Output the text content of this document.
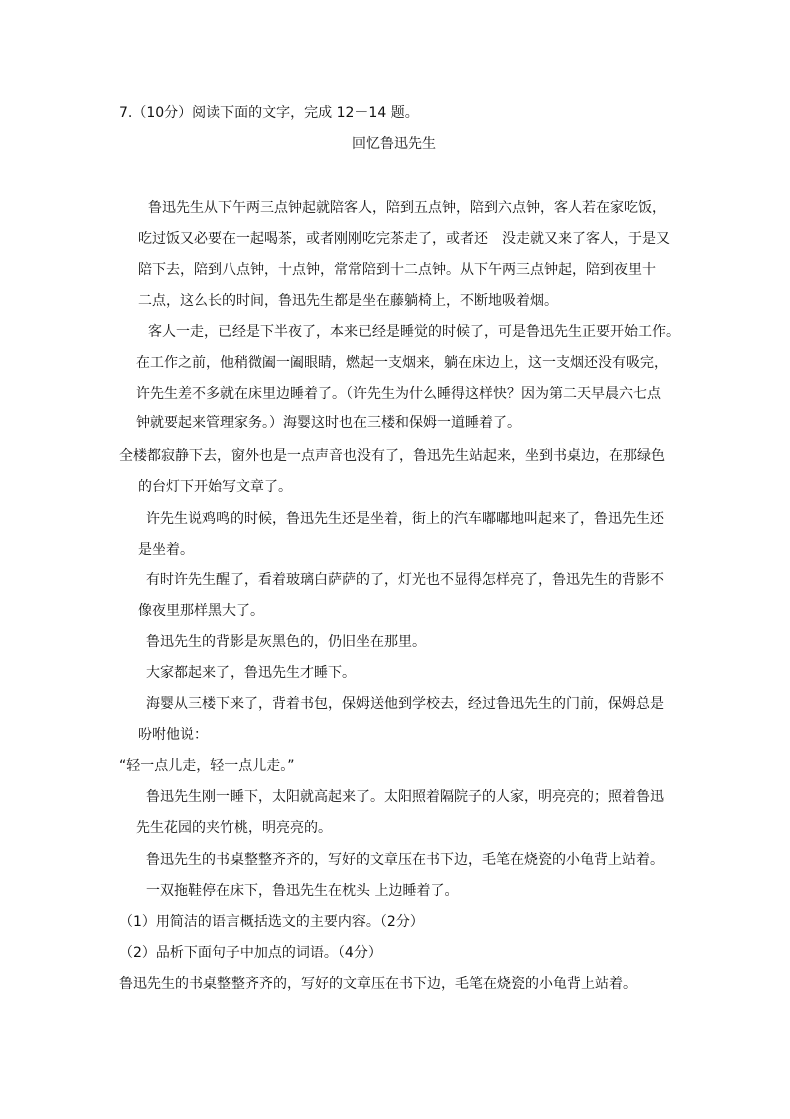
7.（10分）阅读下面的文字，完成 12－14 题。
回忆鲁迅先生
鲁迅先生从下午两三点钟起就陪客人，陪到五点钟，陪到六点钟，客人若在家吃饭，
吃过饭又必要在一起喝茶，或者刚刚吃完茶走了，或者还　没走就又来了客人，于是又
陪下去，陪到八点钟，十点钟，常常陪到十二点钟。从下午两三点钟起，陪到夜里十
二点，这么长的时间，鲁迅先生都是坐在藤躺椅上，不断地吸着烟。
客人一走，已经是下半夜了，本来已经是睡觉的时候了，可是鲁迅先生正要开始工作。
在工作之前，他稍微阖一阖眼睛，燃起一支烟来，躺在床边上，这一支烟还没有吸完，
许先生差不多就在床里边睡着了。（许先生为什么睡得这样快？因为第二天早晨六七点
钟就要起来管理家务。）海婴这时也在三楼和保姆一道睡着了。
全楼都寂静下去，窗外也是一点声音也没有了，鲁迅先生站起来，坐到书桌边，在那绿色
的台灯下开始写文章了。
许先生说鸡鸣的时候，鲁迅先生还是坐着，街上的汽车嘟嘟地叫起来了，鲁迅先生还
是坐着。
有时许先生醒了，看着玻璃白萨萨的了，灯光也不显得怎样亮了，鲁迅先生的背影不
像夜里那样黑大了。
鲁迅先生的背影是灰黑色的，仍旧坐在那里。
大家都起来了，鲁迅先生才睡下。
海婴从三楼下来了，背着书包，保姆送他到学校去，经过鲁迅先生的门前，保姆总是
吩咐他说：
“轻一点儿走，轻一点儿走。”
鲁迅先生刚一睡下，太阳就高起来了。太阳照着隔院子的人家，明亮亮的；照着鲁迅
先生花园的夹竹桃，明亮亮的。
鲁迅先生的书桌整整齐齐的，写好的文章压在书下边，毛笔在烧瓷的小龟背上站着。
一双拖鞋停在床下，鲁迅先生在枕头 上边睡着了。
（1）用简洁的语言概括选文的主要内容。（2分）
（2）品析下面句子中加点的词语。（4分）
鲁迅先生的书桌整整齐齐的，写好的文章压在书下边，毛笔在烧瓷的小龟背上站着。
